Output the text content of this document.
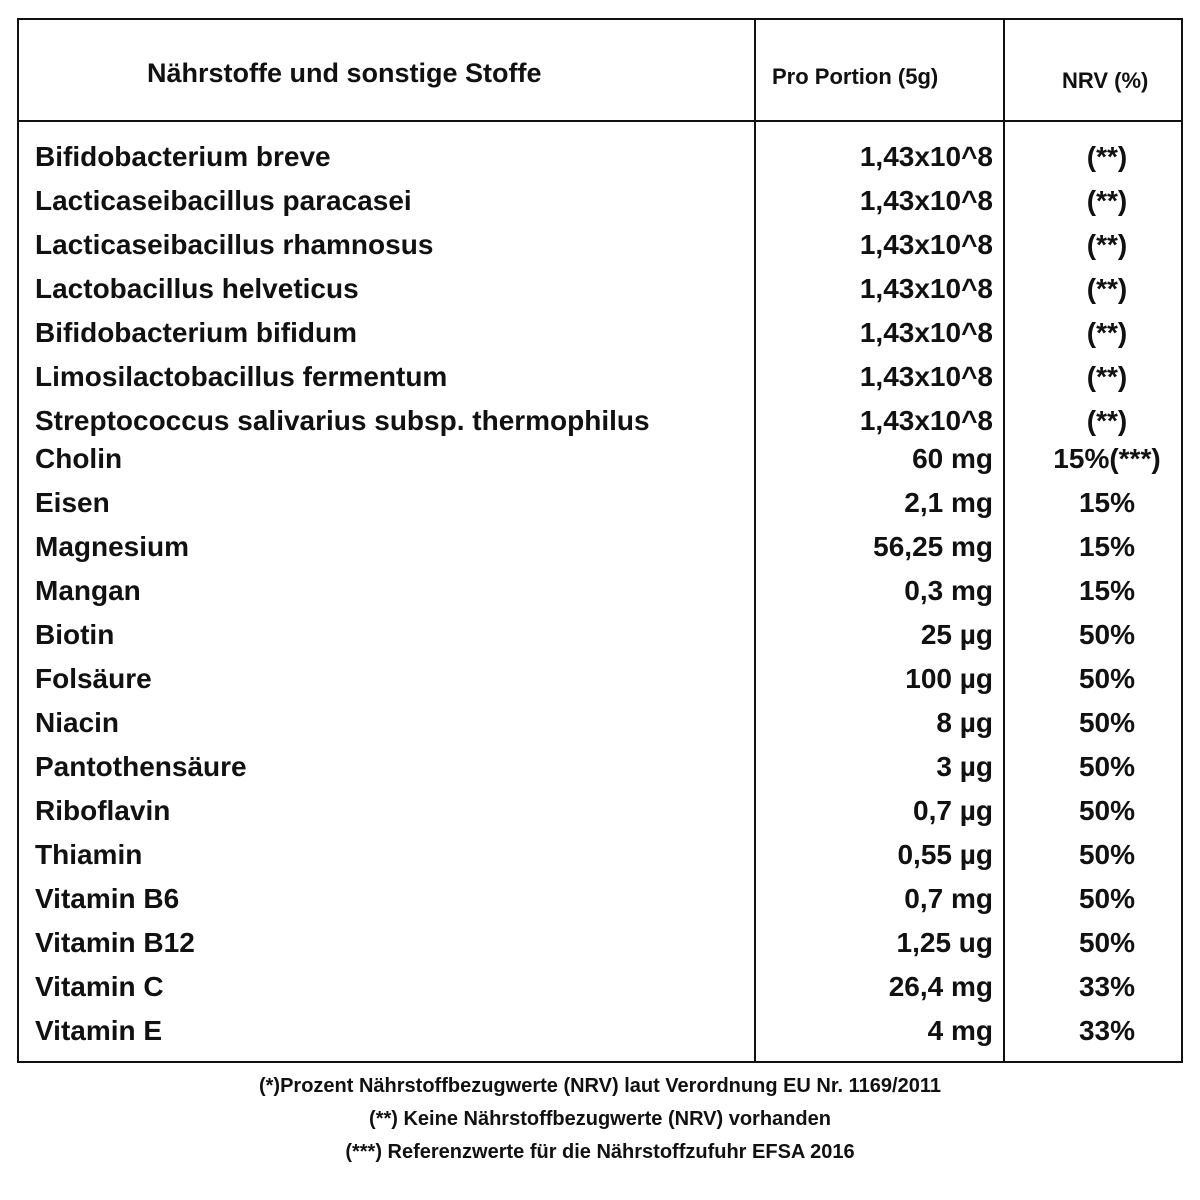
Nährstoffe und sonstige Stoffe	Pro Portion (5g)	NRV (%)
Bifidobacterium breve	1,43x10^8	(**)
Lacticaseibacillus paracasei	1,43x10^8	(**)
Lacticaseibacillus rhamnosus	1,43x10^8	(**)
Lactobacillus helveticus	1,43x10^8	(**)
Bifidobacterium bifidum	1,43x10^8	(**)
Limosilactobacillus fermentum	1,43x10^8	(**)
Streptococcus salivarius subsp. thermophilus	1,43x10^8	(**)
Cholin	60 mg	15%(***)
Eisen	2,1 mg	15%
Magnesium	56,25 mg	15%
Mangan	0,3 mg	15%
Biotin	25 µg	50%
Folsäure	100 µg	50%
Niacin	8 µg	50%
Pantothensäure	3 µg	50%
Riboflavin	0,7 µg	50%
Thiamin	0,55 µg	50%
Vitamin B6	0,7 mg	50%
Vitamin B12	1,25 ug	50%
Vitamin C	26,4 mg	33%
Vitamin E	4 mg	33%
(*)Prozent Nährstoffbezugwerte (NRV) laut Verordnung EU Nr. 1169/2011
(**) Keine Nährstoffbezugwerte (NRV) vorhanden
(***) Referenzwerte für die Nährstoffzufuhr EFSA 2016
